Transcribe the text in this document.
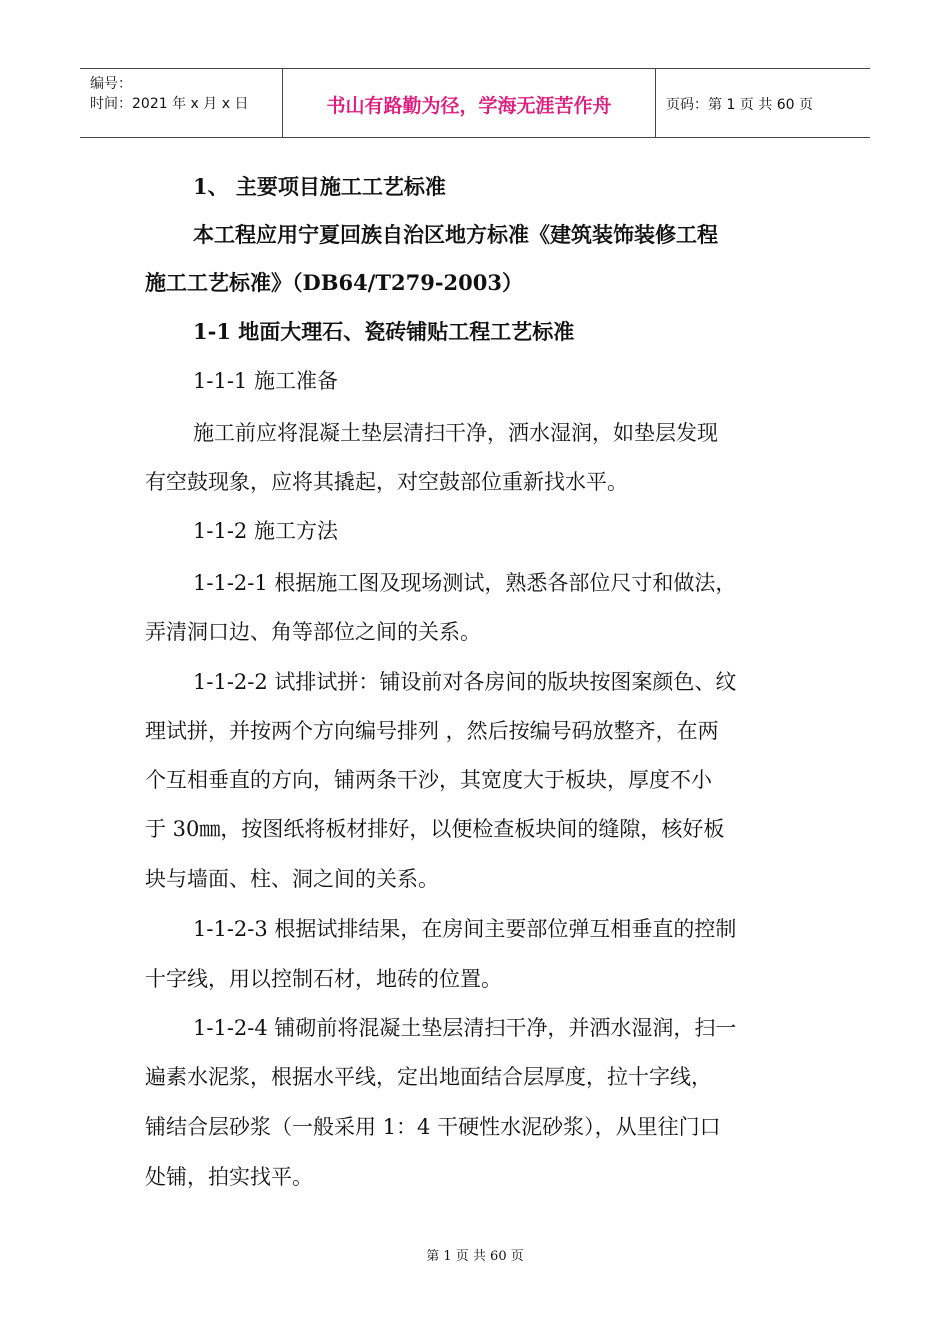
编号：
时间：2021 年 x 月 x 日	书山有路勤为径，学海无涯苦作舟	页码：第 1 页 共 60 页
1、 主要项目施工工艺标准
本工程应用宁夏回族自治区地方标准《建筑装饰装修工程
施工工艺标准》（DB64/T279-2003）
1-1 地面大理石、瓷砖铺贴工程工艺标准
1-1-1 施工准备
施工前应将混凝土垫层清扫干净，洒水湿润，如垫层发现
有空鼓现象，应将其撬起，对空鼓部位重新找水平。
1-1-2 施工方法
1-1-2-1 根据施工图及现场测试，熟悉各部位尺寸和做法，
弄清洞口边、角等部位之间的关系。
1-1-2-2 试排试拼：铺设前对各房间的版块按图案颜色、纹
理试拼，并按两个方向编号排列 ，然后按编号码放整齐，在两
个互相垂直的方向，铺两条干沙，其宽度大于板块，厚度不小
于 30㎜，按图纸将板材排好，以便检查板块间的缝隙，核好板
块与墙面、柱、洞之间的关系。
1-1-2-3 根据试排结果，在房间主要部位弹互相垂直的控制
十字线，用以控制石材，地砖的位置。
1-1-2-4 铺砌前将混凝土垫层清扫干净，并洒水湿润，扫一
遍素水泥浆，根据水平线，定出地面结合层厚度，拉十字线，
铺结合层砂浆（一般采用 1：4 干硬性水泥砂浆），从里往门口
处铺，拍实找平。
第 1 页 共 60 页
